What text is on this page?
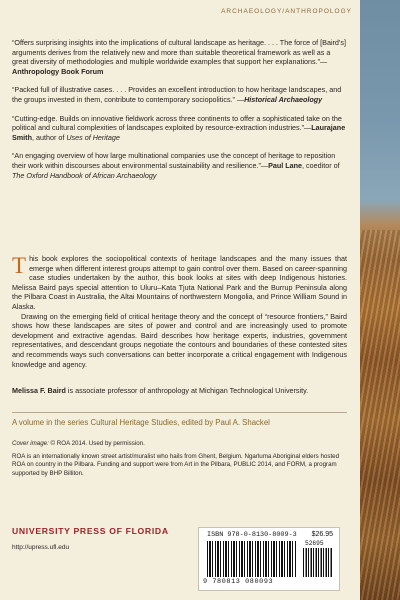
ARCHAEOLOGY/ANTHROPOLOGY

“Offers surprising insights into the implications of cultural landscape as heritage. . . . The force of [Baird’s] arguments derives from the relatively new and more than suitable theoretical framework as well as a great diversity of methodologies and multiple worldwide examples that support her explanations.”—Anthropology Book Forum

“Packed full of illustrative cases. . . . Provides an excellent introduction to how heritage landscapes, and the groups invested in them, contribute to contemporary sociopolitics.” —Historical Archaeology

“Cutting-edge. Builds on innovative fieldwork across three continents to offer a sophisticated take on the political and cultural complexities of landscapes exploited by resource-extraction industries.”—Laurajane Smith, author of Uses of Heritage

“An engaging overview of how large multinational companies use the concept of heritage to reposition their work within discourses about environmental sustainability and resilience.”—Paul Lane, coeditor of The Oxford Handbook of African Archaeology

This book explores the sociopolitical contexts of heritage landscapes and the many issues that emerge when different interest groups attempt to gain control over them. Based on career-spanning case studies undertaken by the author, this book looks at sites with deep Indigenous histories. Melissa Baird pays special attention to Uluru–Kata Tjuta National Park and the Burrup Peninsula along the Pilbara Coast in Australia, the Altai Mountains of northwestern Mongolia, and Prince William Sound in Alaska.

Drawing on the emerging field of critical heritage theory and the concept of “resource frontiers,” Baird shows how these landscapes are sites of power and control and are increasingly used to promote development and extractive agendas. Baird describes how heritage experts, industries, government representatives, and descendant groups negotiate the contours and boundaries of these contested sites and recommends ways such conversations can better incorporate a critical engagement with Indigenous knowledge and agency.

Melissa F. Baird is associate professor of anthropology at Michigan Technological University.
A volume in the series Cultural Heritage Studies, edited by Paul A. Shackel
Cover image: © ROA 2014. Used by permission.
ROA is an internationally known street artist/muralist who hails from Ghent, Belgium. Ngarluma Aboriginal elders hosted ROA on country in the Pilbara. Funding and support were from Art in the Pilbara, PUBLIC 2014, and FORM, a program supported by BHP Billiton.
UNIVERSITY PRESS OF FLORIDA
http://upress.ufl.edu
ISBN 978-0-8130-8009-3 $26.95
52695
9 780813 080093
